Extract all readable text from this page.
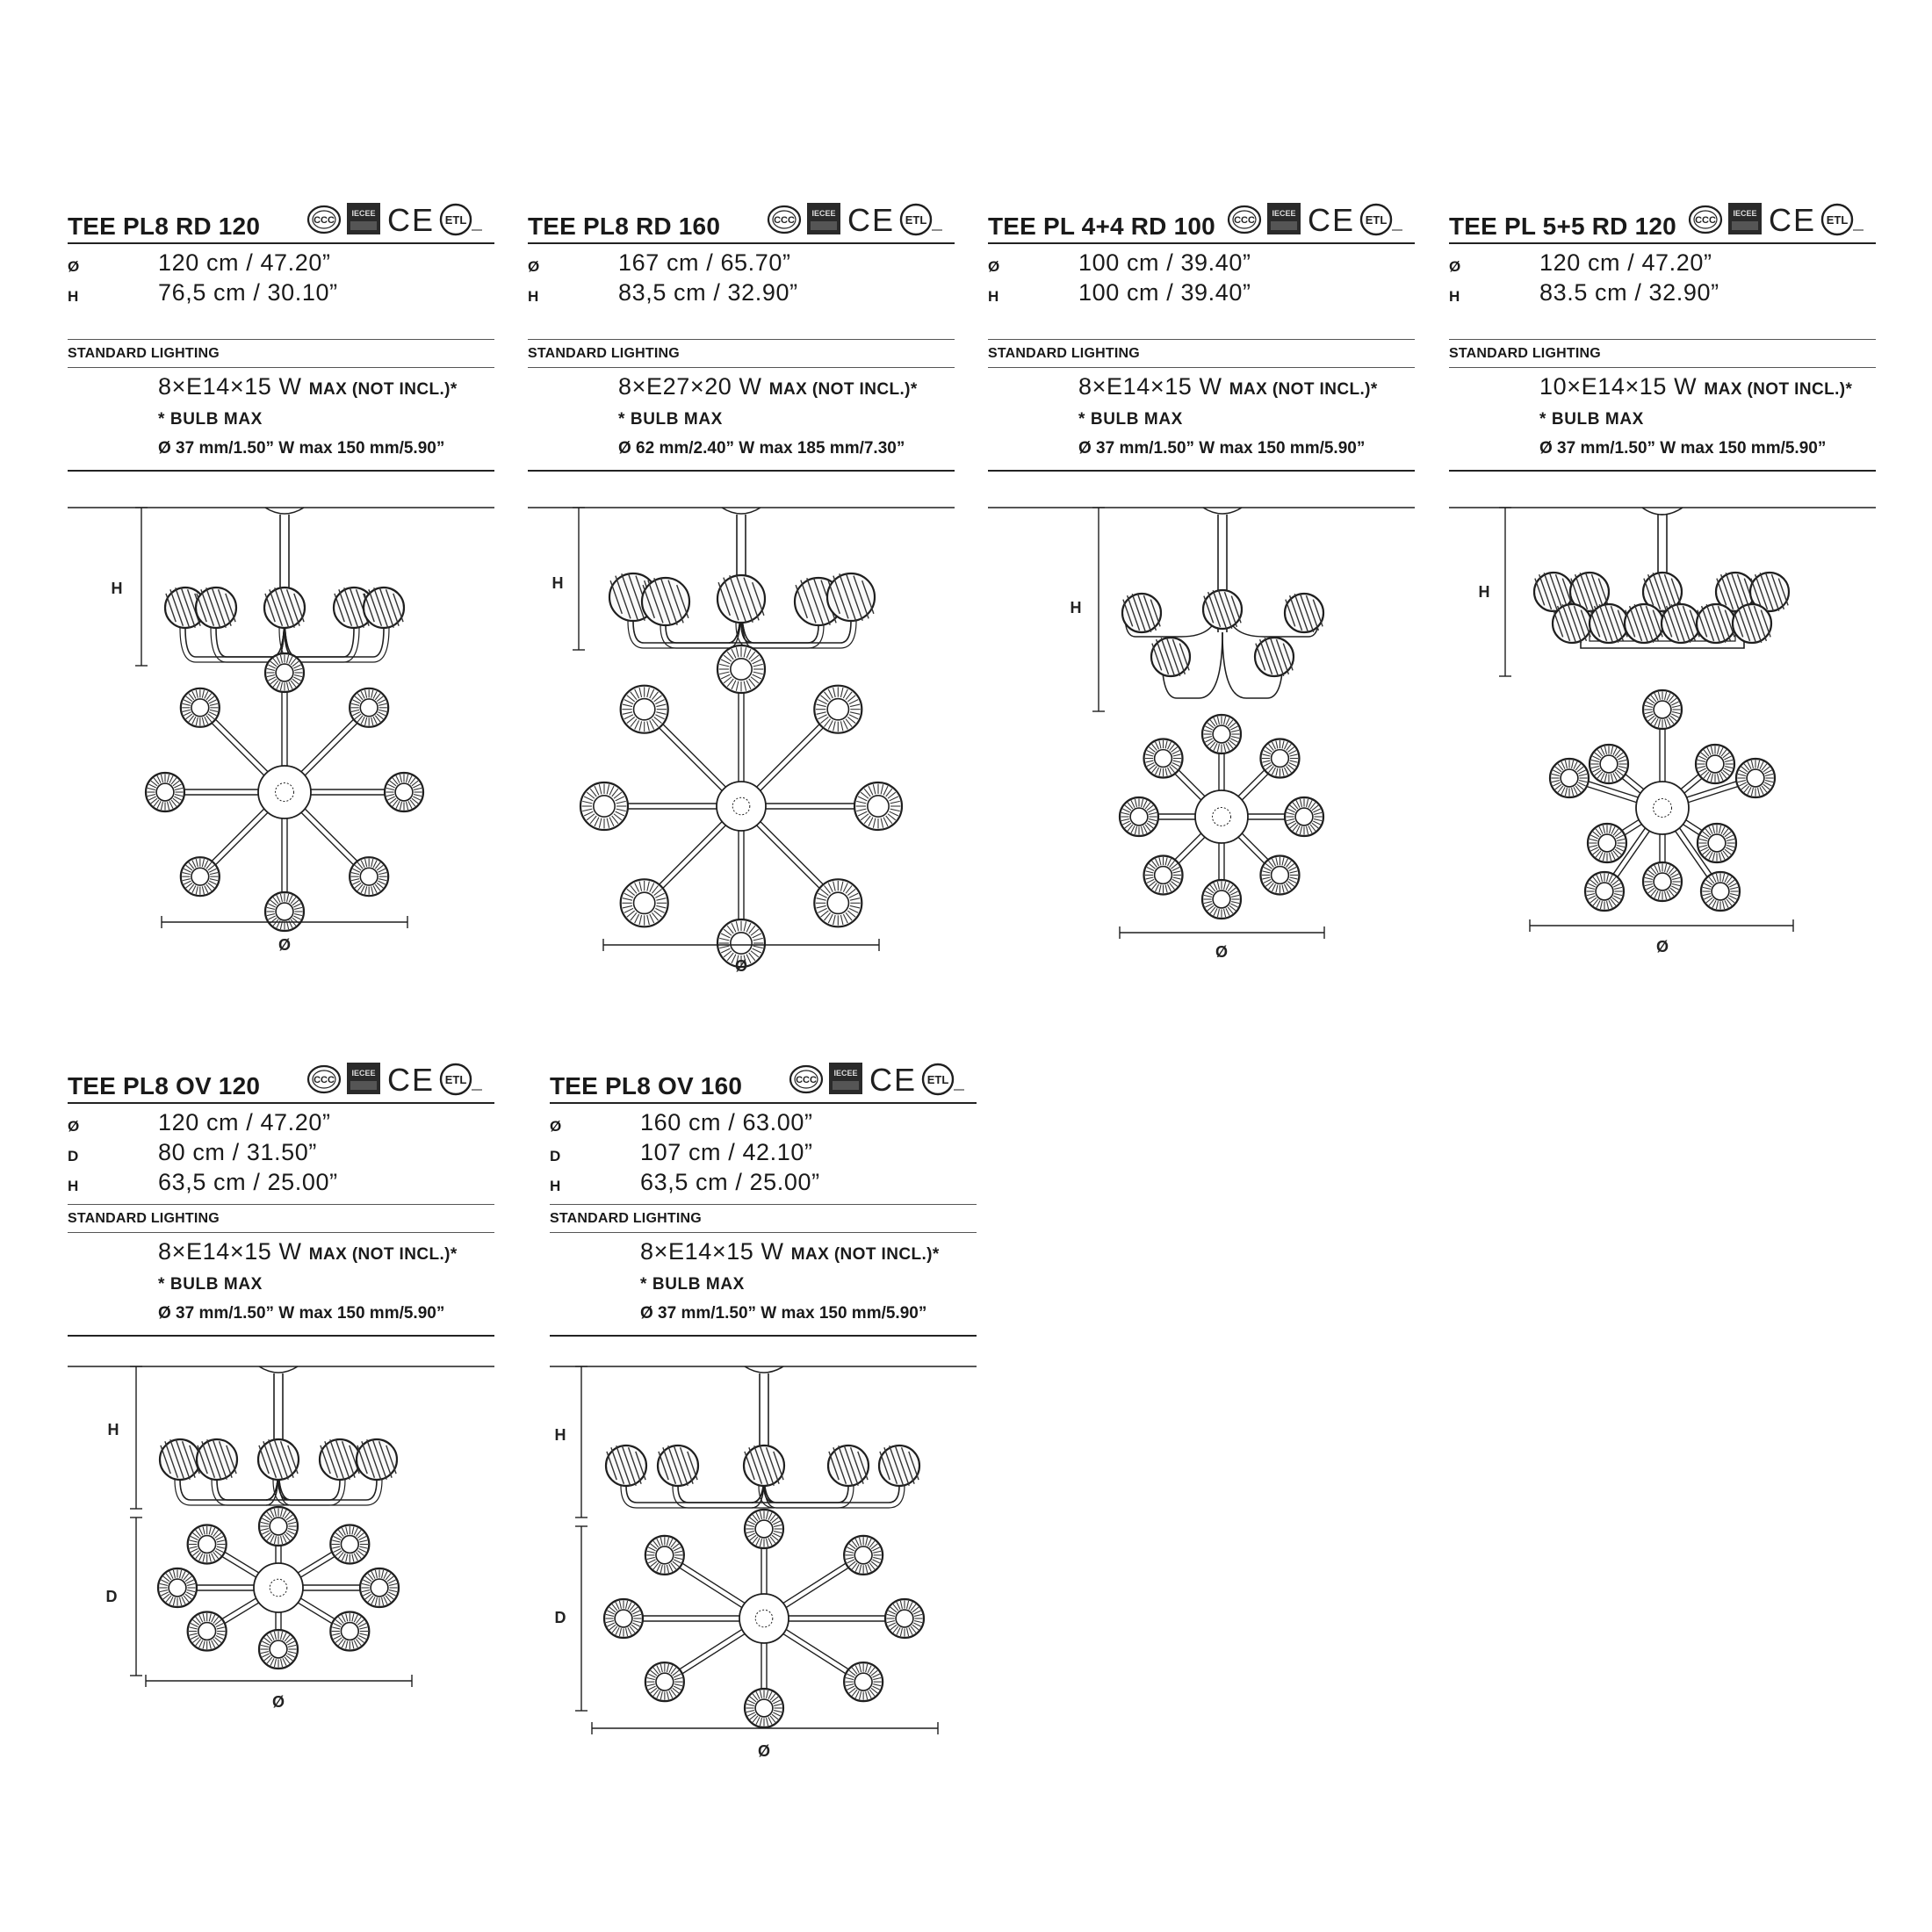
TEE PL8 RD 120	CCC
IECEE CE ETL
Ø	120 cm / 47.20”
H	76,5 cm / 30.10”
STANDARD LIGHTING
8×E14×15 W MAX (NOT INCL.)*
* BULB MAX
Ø 37 mm/1.50” W max 150 mm/5.90”
TEE PL8 RD 160	CCC
IECEE CE ETL
Ø	167 cm / 65.70”
H	83,5 cm / 32.90”
STANDARD LIGHTING
8×E27×20 W MAX (NOT INCL.)*
* BULB MAX
Ø 62 mm/2.40” W max 185 mm/7.30”
TEE PL 4+4 RD 100 CCC
IECEE CE ETL
Ø	100 cm / 39.40”
H	100 cm / 39.40”
STANDARD LIGHTING
8×E14×15 W MAX (NOT INCL.)*
* BULB MAX
Ø 37 mm/1.50” W max 150 mm/5.90”
TEE PL 5+5 RD 120 CCC
IECEE CE ETL
Ø	120 cm / 47.20”
H	83.5 cm / 32.90”
STANDARD LIGHTING
10×E14×15 W MAX (NOT INCL.)*
* BULB MAX
Ø 37 mm/1.50” W max 150 mm/5.90”
TEE PL8 OV 120	CCC
IECEE CE ETL
Ø	120 cm / 47.20”
D	80 cm / 31.50”
H	63,5 cm / 25.00”
STANDARD LIGHTING
8×E14×15 W MAX (NOT INCL.)*
* BULB MAX
Ø 37 mm/1.50” W max 150 mm/5.90”
TEE PL8 OV 160	CCC
IECEE CE ETL
Ø	160 cm / 63.00”
D	107 cm / 42.10”
H	63,5 cm / 25.00”
STANDARD LIGHTING
8×E14×15 W MAX (NOT INCL.)*
* BULB MAX
Ø 37 mm/1.50” W max 150 mm/5.90”
H
Ø
H
Ø
H
Ø
H
Ø
H
D
Ø
H
D
Ø
